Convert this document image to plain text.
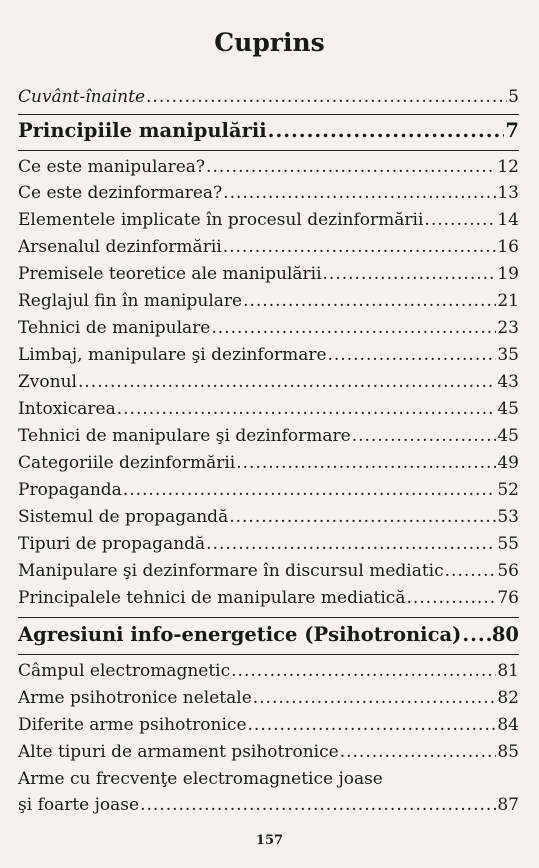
Cuprins
Cuvânt-înainte .....	5
Principiile manipulării .....	7
Ce este manipularea? .....	12
Ce este dezinformarea? .....	13
Elementele implicate în procesul dezinformării .....	14
Arsenalul dezinformării .....	16
Premisele teoretice ale manipulării .....	19
Reglajul fin în manipulare .....	21
Tehnici de manipulare .....	23
Limbaj, manipulare şi dezinformare .....	35
Zvonul .....	43
Intoxicarea .....	45
Tehnici de manipulare şi dezinformare .....	45
Categoriile dezinformării .....	49
Propaganda .....	52
Sistemul de propagandă .....	53
Tipuri de propagandă .....	55
Manipulare şi dezinformare în discursul mediatic .....	56
Principalele tehnici de manipulare mediatică .....	76
Agresiuni info-energetice (Psihotronica) ..... 80
Câmpul electromagnetic .....	81
Arme psihotronice neletale .....	82
Diferite arme psihotronice .....	84
Alte tipuri de armament psihotronice .....	85
Arme cu frecvenţe electromagnetice joase
şi foarte joase .....	87
157
